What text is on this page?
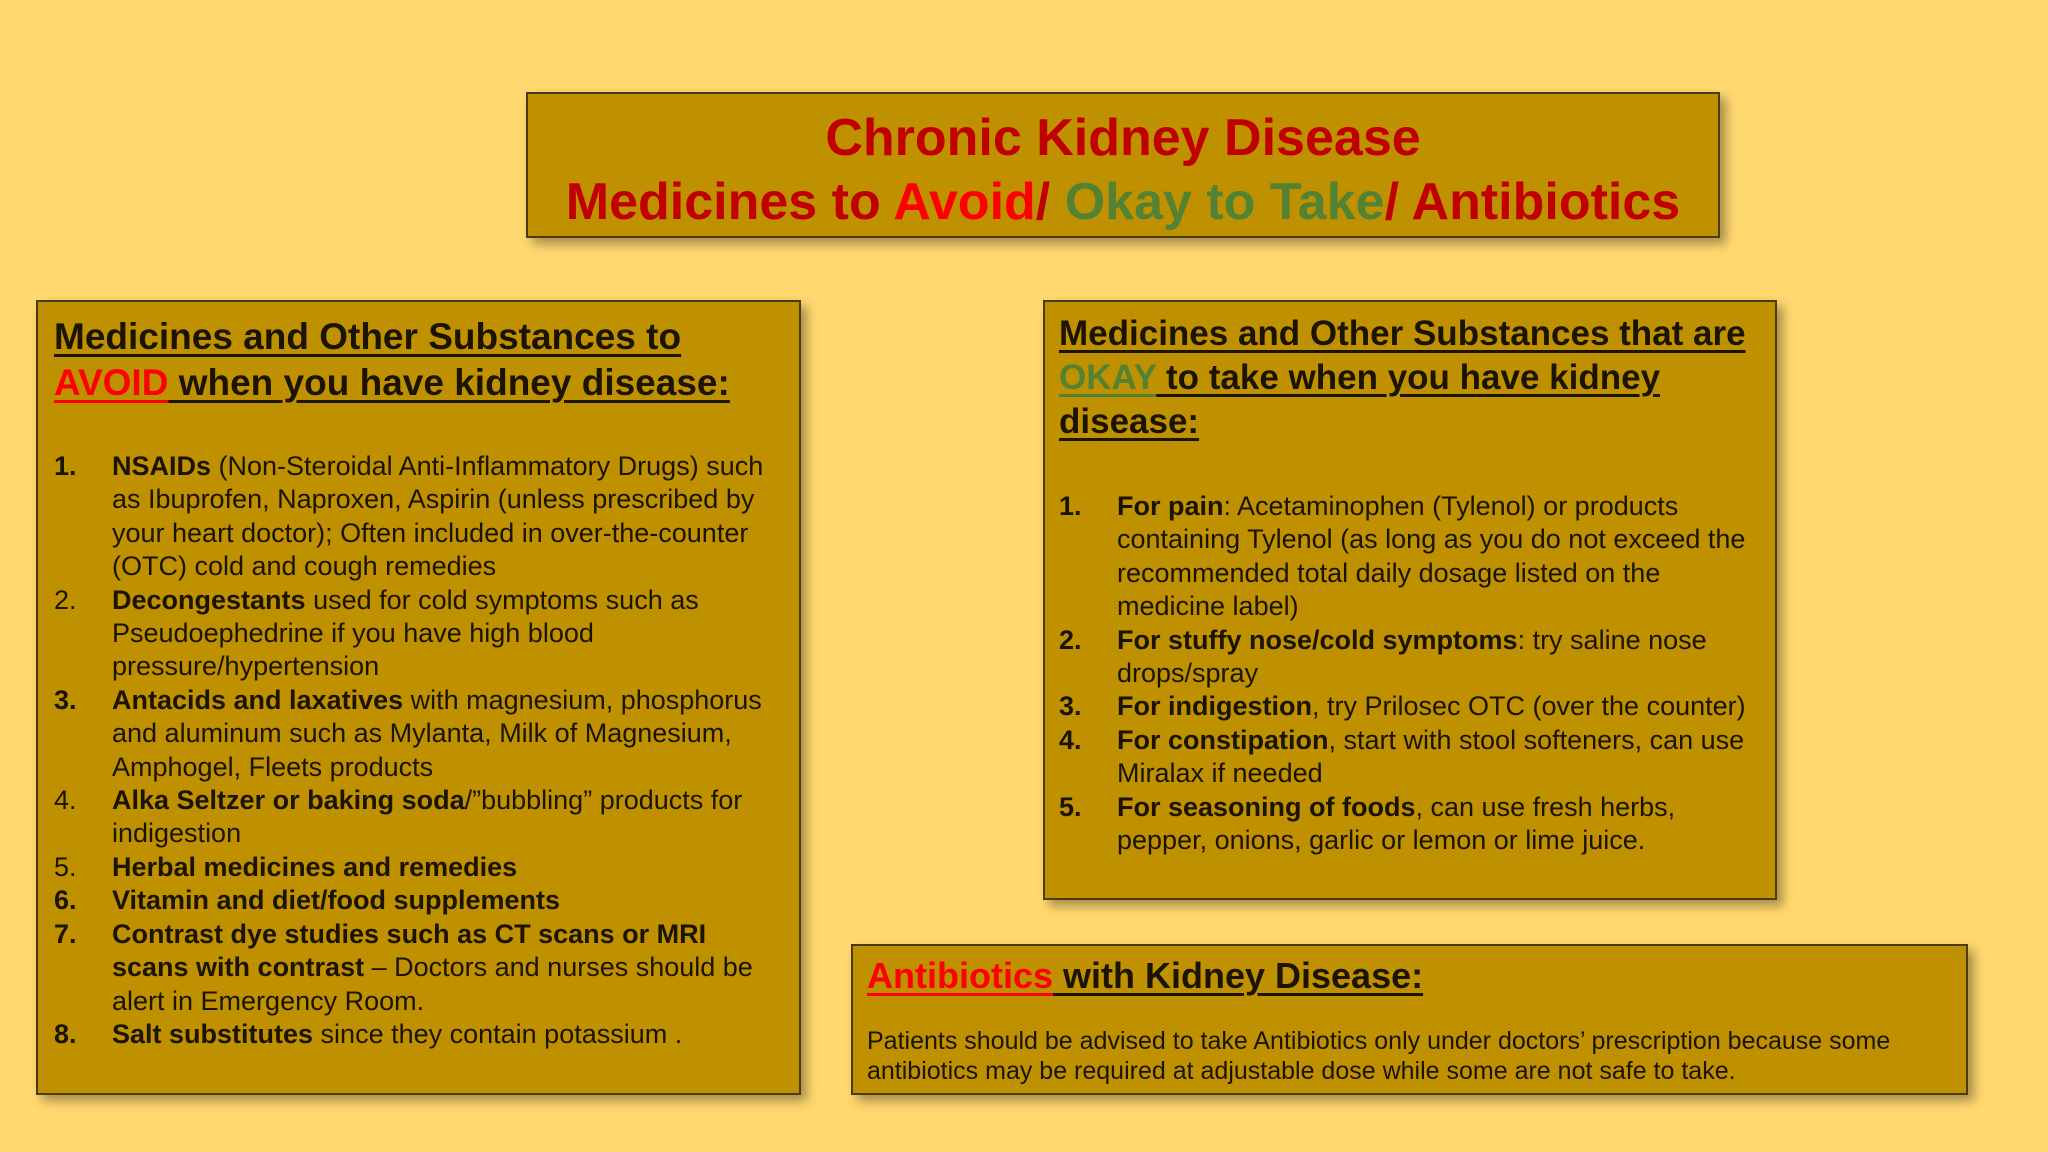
Chronic Kidney Disease
Medicines to Avoid/ Okay to Take/ Antibiotics
Medicines and Other Substances to AVOID when you have kidney disease:
1. NSAIDs (Non-Steroidal Anti-Inflammatory Drugs) such as Ibuprofen, Naproxen, Aspirin (unless prescribed by your heart doctor); Often included in over-the-counter (OTC) cold and cough remedies
2. Decongestants used for cold symptoms such as Pseudoephedrine if you have high blood pressure/hypertension
3. Antacids and laxatives with magnesium, phosphorus and aluminum such as Mylanta, Milk of Magnesium, Amphogel, Fleets products
4. Alka Seltzer or baking soda/”bubbling” products for indigestion
5. Herbal medicines and remedies
6. Vitamin and diet/food supplements
7. Contrast dye studies such as CT scans or MRI scans with contrast – Doctors and nurses should be alert in Emergency Room.
8. Salt substitutes since they contain potassium .
Medicines and Other Substances that are OKAY to take when you have kidney disease:
1. For pain: Acetaminophen (Tylenol) or products containing Tylenol (as long as you do not exceed the recommended total daily dosage listed on the medicine label)
2. For stuffy nose/cold symptoms: try saline nose drops/spray
3. For indigestion, try Prilosec OTC (over the counter)
4. For constipation, start with stool softeners, can use Miralax if needed
5. For seasoning of foods, can use fresh herbs, pepper, onions, garlic or lemon or lime juice.
Antibiotics with Kidney Disease:
Patients should be advised to take Antibiotics only under doctors’ prescription because some antibiotics may be required at adjustable dose while some are not safe to take.
